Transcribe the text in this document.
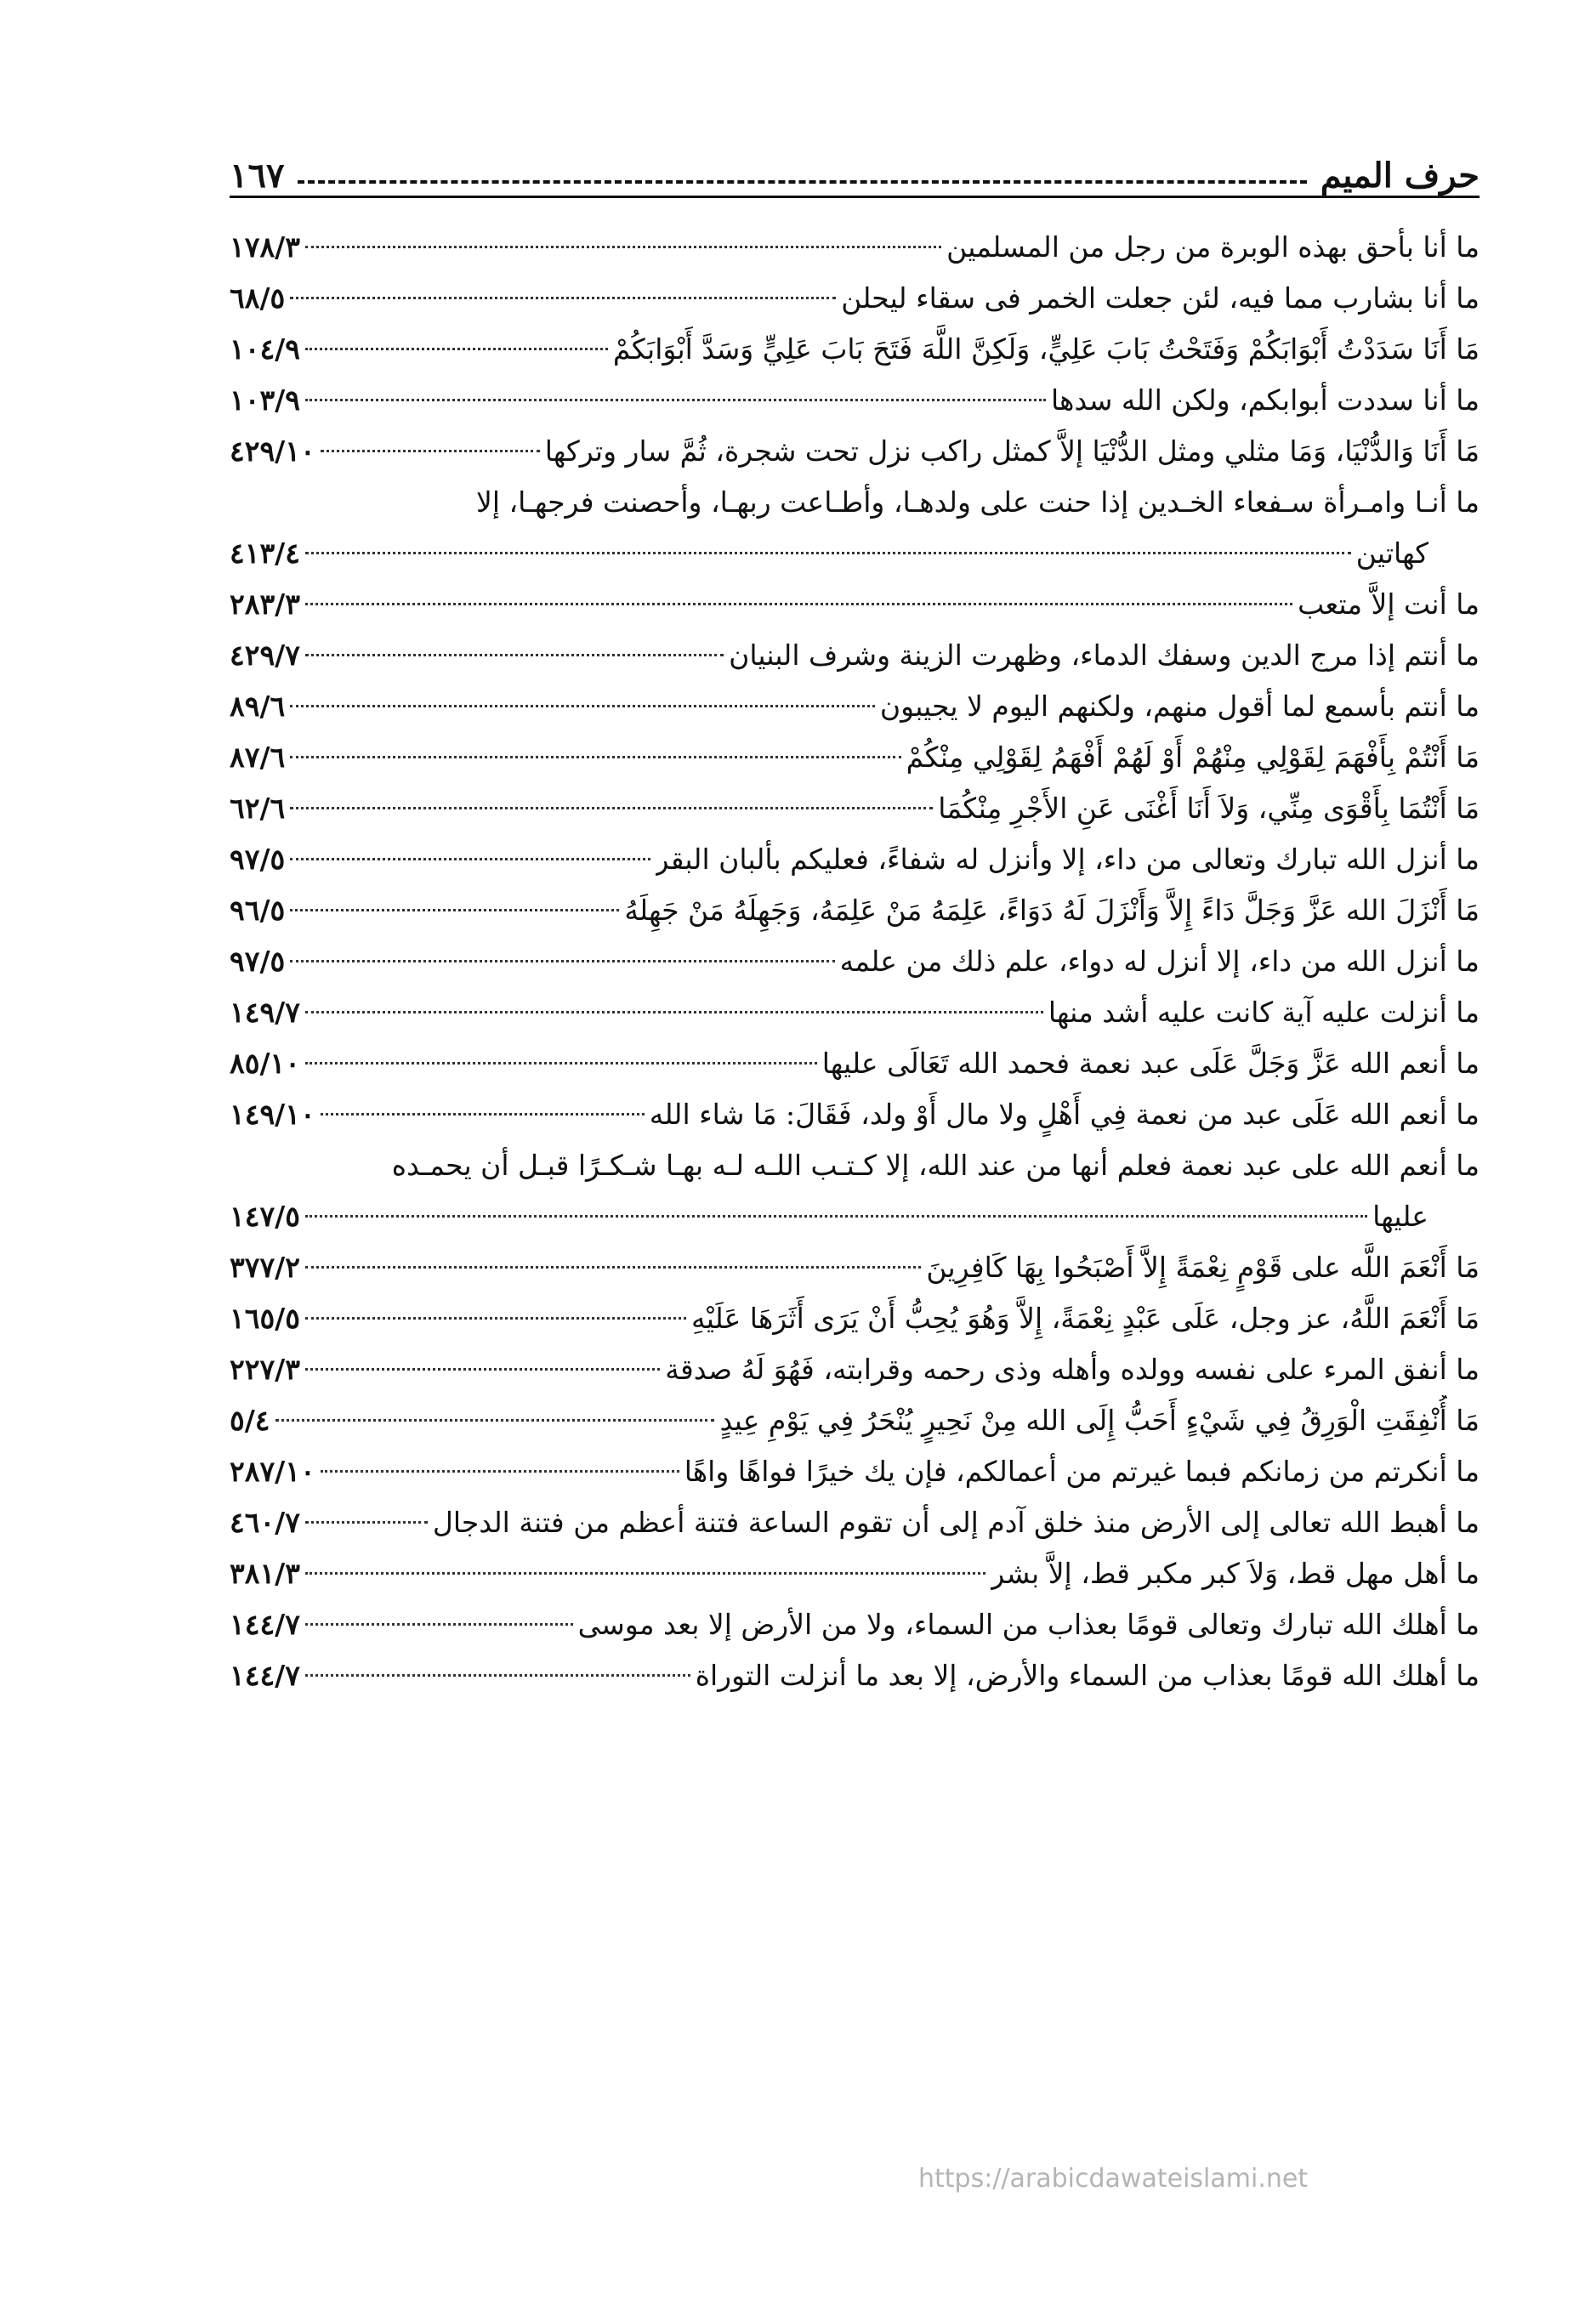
حرف الميم
١٦٧
ما أنا بأحق بهذه الوبرة من رجل من المسلمين
١٧٨/٣
ما أنا بشارب مما فيه، لئن جعلت الخمر فى سقاء ليحلن
٦٨/٥
مَا أَنَا سَدَدْتُ أَبْوَابَكُمْ وَفَتَحْتُ بَابَ عَلِيٍّ، وَلَكِنَّ اللَّهَ فَتَحَ بَابَ عَلِيٍّ وَسَدَّ أَبْوَابَكُمْ
١٠٤/٩
ما أنا سددت أبوابكم، ولكن الله سدها
١٠٣/٩
مَا أَنَا وَالدُّنْيَا، وَمَا مثلي ومثل الدُّنْيَا إلاَّ كمثل راكب نزل تحت شجرة، ثُمَّ سار وتركها
٤٢٩/١٠
ما أنـا وامـرأة سـفعاء الخـدين إذا حنت على ولدهـا، وأطـاعت ربهـا، وأحصنت فرجهـا، إلا
كهاتين
٤١٣/٤
ما أنت إلاَّ متعب
٢٨٣/٣
ما أنتم إذا مرج الدين وسفك الدماء، وظهرت الزينة وشرف البنيان
٤٢٩/٧
ما أنتم بأسمع لما أقول منهم، ولكنهم اليوم لا يجيبون
٨٩/٦
مَا أَنْتُمْ بِأَفْهَمَ لِقَوْلِي مِنْهُمْ أَوْ لَهُمْ أَفْهَمُ لِقَوْلِي مِنْكُمْ
٨٧/٦
مَا أَنْتُمَا بِأَقْوَى مِنِّي، وَلاَ أَنَا أَغْنَى عَنِ الأَجْرِ مِنْكُمَا
٦٢/٦
ما أنزل الله تبارك وتعالى من داء، إلا وأنزل له شفاءً، فعليكم بألبان البقر
٩٧/٥
مَا أَنْزَلَ الله عَزَّ وَجَلَّ دَاءً إِلاَّ وَأَنْزَلَ لَهُ دَوَاءً، عَلِمَهُ مَنْ عَلِمَهُ، وَجَهِلَهُ مَنْ جَهِلَهُ
٩٦/٥
ما أنزل الله من داء، إلا أنزل له دواء، علم ذلك من علمه
٩٧/٥
ما أنزلت عليه آية كانت عليه أشد منها
١٤٩/٧
ما أنعم الله عَزَّ وَجَلَّ عَلَى عبد نعمة فحمد الله تَعَالَى عليها
٨٥/١٠
ما أنعم الله عَلَى عبد من نعمة فِي أَهْلٍ ولا مال أَوْ ولد، فَقَالَ: مَا شاء الله
١٤٩/١٠
ما أنعم الله على عبد نعمة فعلم أنها من عند الله، إلا كـتـب اللـه لـه بهـا شـكـرًا قبـل أن يحمـده
عليها
١٤٧/٥
مَا أَنْعَمَ اللَّه على قَوْمٍ نِعْمَةً إِلاَّ أَصْبَحُوا بِهَا كَافِرِينَ
٣٧٧/٢
مَا أَنْعَمَ اللَّهُ، عز وجل، عَلَى عَبْدٍ نِعْمَةً، إِلاَّ وَهُوَ يُحِبُّ أَنْ يَرَى أَثَرَهَا عَلَيْهِ
١٦٥/٥
ما أنفق المرء على نفسه وولده وأهله وذى رحمه وقرابته، فَهُوَ لَهُ صدقة
٢٢٧/٣
مَا أُنْفِقَتِ الْوَرِقُ فِي شَيْءٍ أَحَبُّ إِلَى الله مِنْ نَحِيرٍ يُنْحَرُ فِي يَوْمِ عِيدٍ
٥/٤
ما أنكرتم من زمانكم فبما غيرتم من أعمالكم، فإن يك خيرًا فواهًا واهًا
٢٨٧/١٠
ما أهبط الله تعالى إلى الأرض منذ خلق آدم إلى أن تقوم الساعة فتنة أعظم من فتنة الدجال
٤٦٠/٧
ما أهل مهل قط، وَلاَ كبر مكبر قط، إلاَّ بشر
٣٨١/٣
ما أهلك الله تبارك وتعالى قومًا بعذاب من السماء، ولا من الأرض إلا بعد موسى
١٤٤/٧
ما أهلك الله قومًا بعذاب من السماء والأرض، إلا بعد ما أنزلت التوراة
١٤٤/٧
https://arabicdawateislami.net
